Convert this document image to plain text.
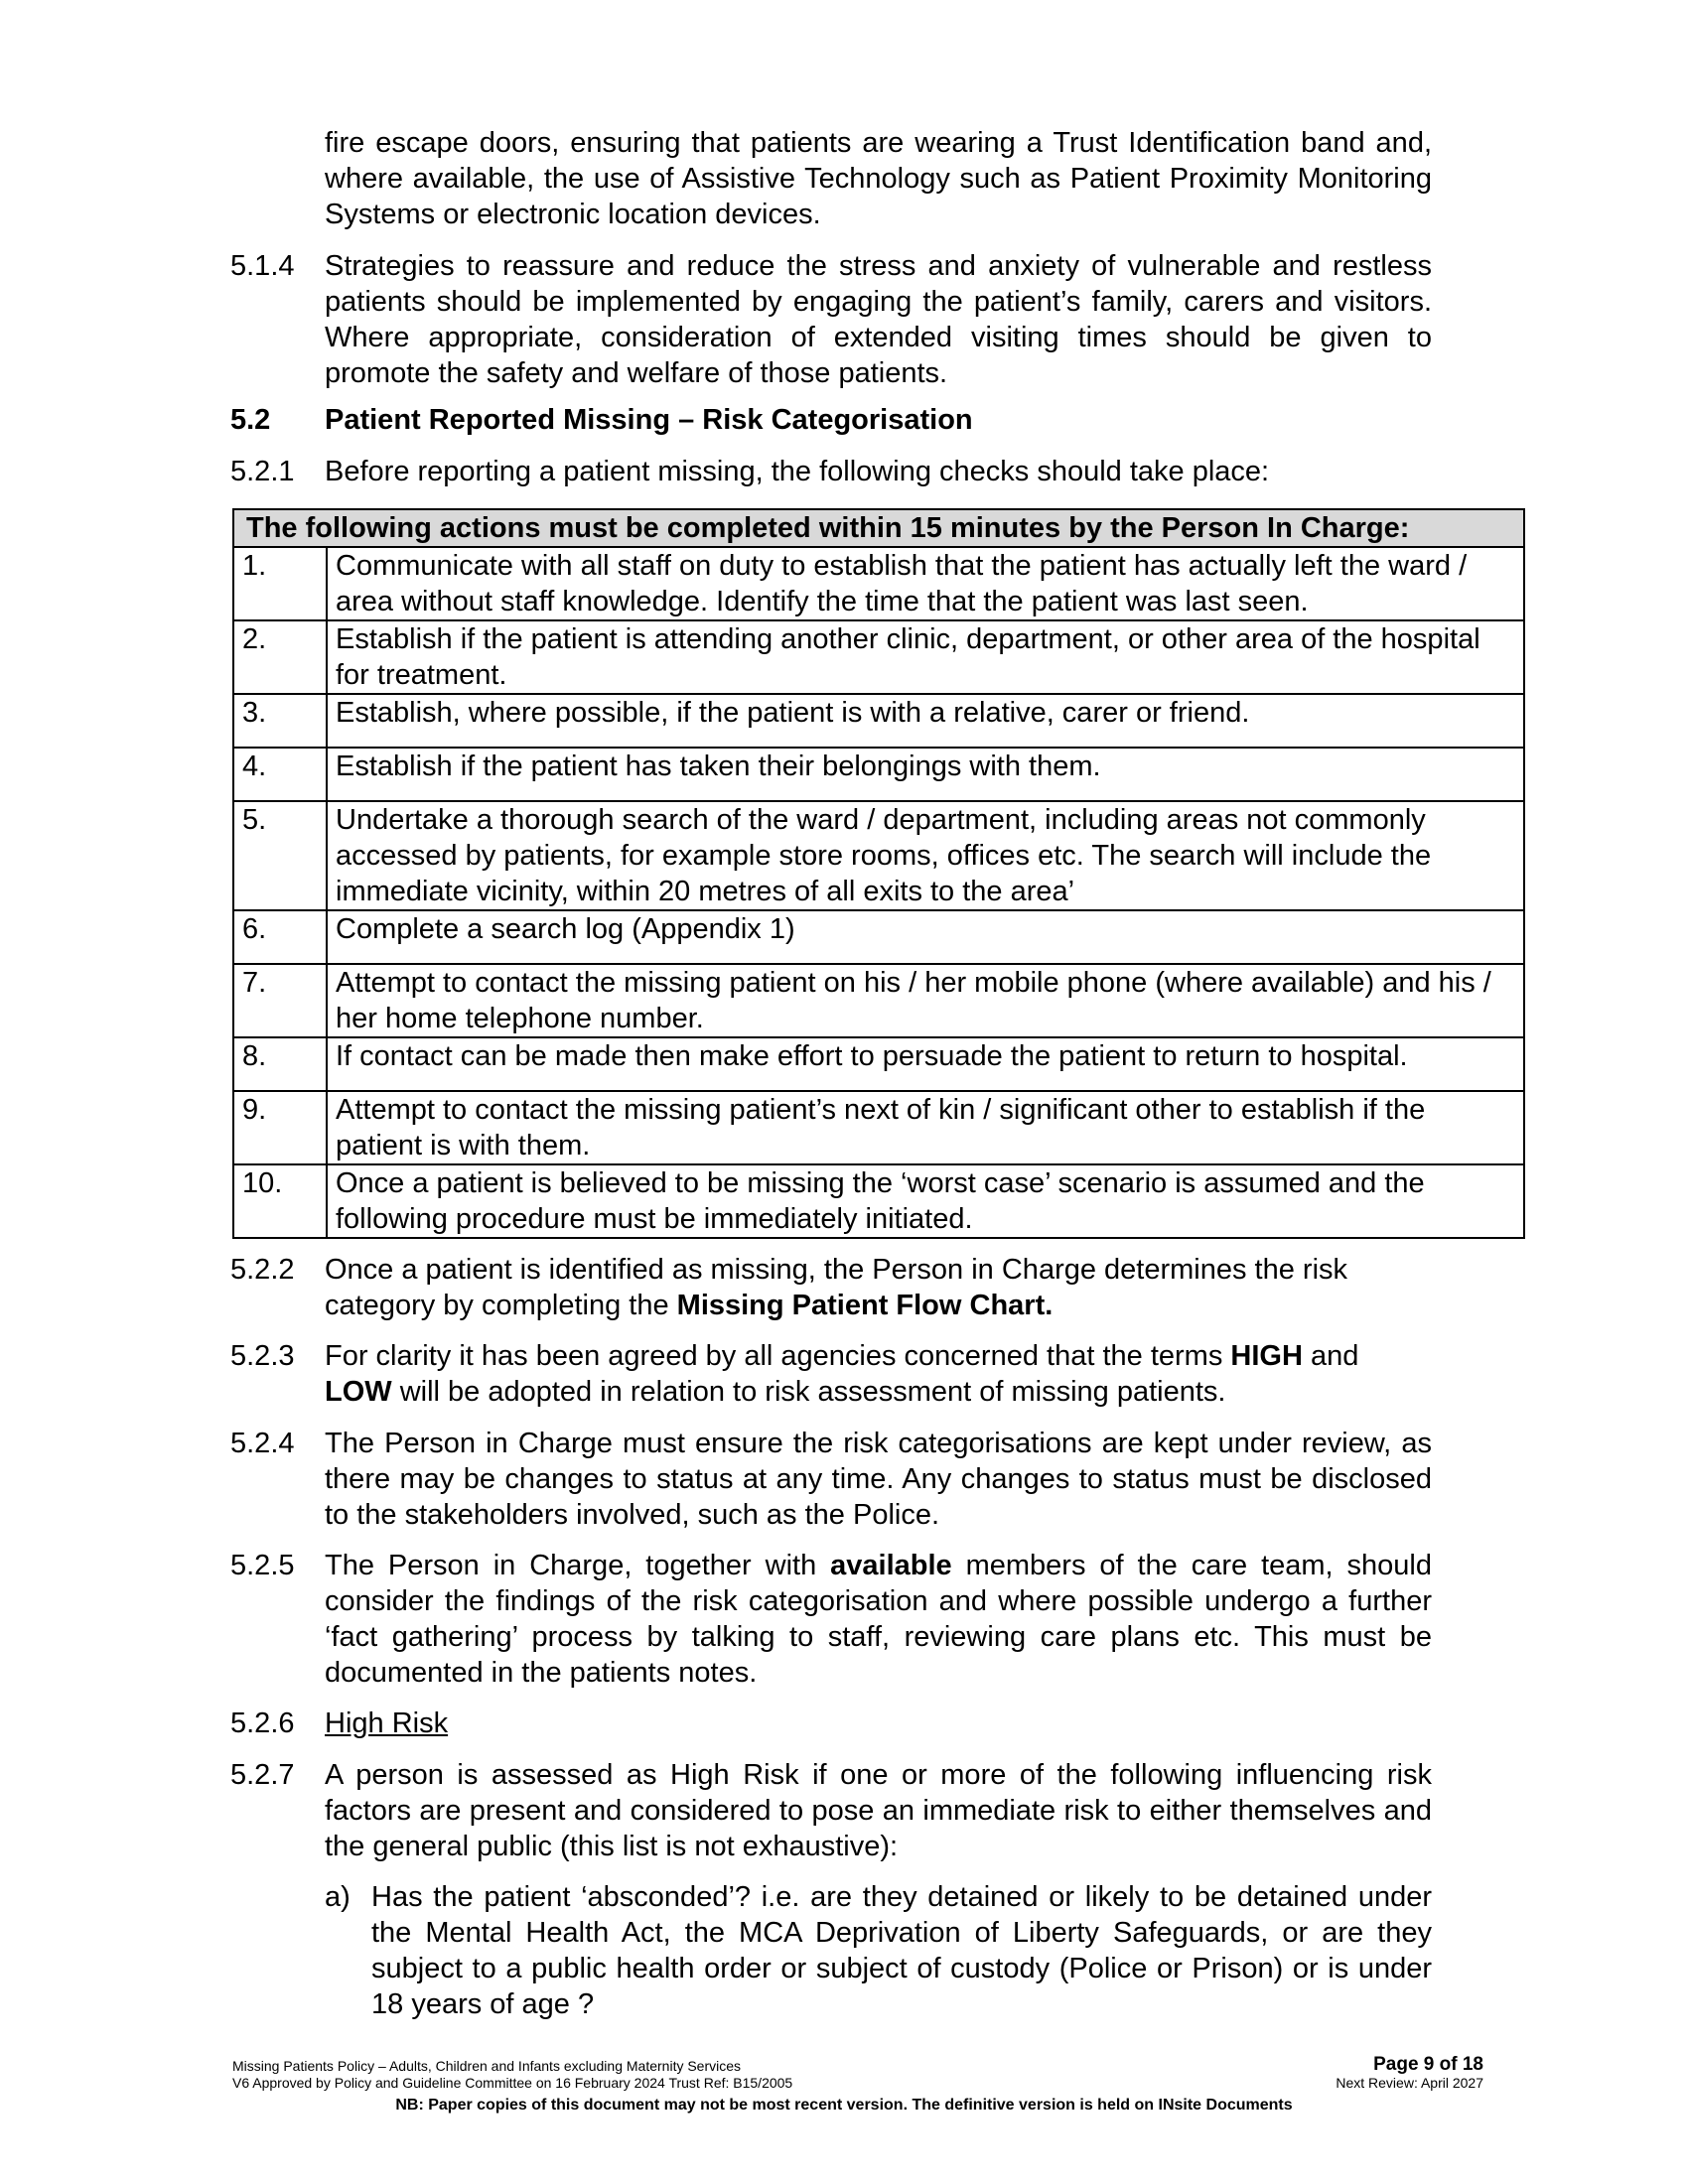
fire escape doors, ensuring that patients are wearing a Trust Identification band and, where available, the use of Assistive Technology such as Patient Proximity Monitoring Systems or electronic location devices.
5.1.4 Strategies to reassure and reduce the stress and anxiety of vulnerable and restless patients should be implemented by engaging the patient’s family, carers and visitors. Where appropriate, consideration of extended visiting times should be given to promote the safety and welfare of those patients.
5.2 Patient Reported Missing – Risk Categorisation
5.2.1 Before reporting a patient missing, the following checks should take place:
The following actions must be completed within 15 minutes by the Person In Charge:	
1.	Communicate with all staff on duty to establish that the patient has actually left the ward / area without staff knowledge. Identify the time that the patient was last seen.
2.	Establish if the patient is attending another clinic, department, or other area of the hospital for treatment.
3.	Establish, where possible, if the patient is with a relative, carer or friend.
4.	Establish if the patient has taken their belongings with them.
5.	Undertake a thorough search of the ward / department, including areas not commonly accessed by patients, for example store rooms, offices etc. The search will include the immediate vicinity, within 20 metres of all exits to the area’
6.	Complete a search log (Appendix 1)
7.	Attempt to contact the missing patient on his / her mobile phone (where available) and his / her home telephone number.
8.	If contact can be made then make effort to persuade the patient to return to hospital.
9.	Attempt to contact the missing patient’s next of kin / significant other to establish if the patient is with them.
10.	Once a patient is believed to be missing the ‘worst case’ scenario is assumed and the following procedure must be immediately initiated.
5.2.2 Once a patient is identified as missing, the Person in Charge determines the risk category by completing the Missing Patient Flow Chart.
5.2.3 For clarity it has been agreed by all agencies concerned that the terms HIGH and LOW will be adopted in relation to risk assessment of missing patients.
5.2.4 The Person in Charge must ensure the risk categorisations are kept under review, as there may be changes to status at any time. Any changes to status must be disclosed to the stakeholders involved, such as the Police.
5.2.5 The Person in Charge, together with available members of the care team, should consider the findings of the risk categorisation and where possible undergo a further ‘fact gathering’ process by talking to staff, reviewing care plans etc. This must be documented in the patients notes.
5.2.6 High Risk
5.2.7 A person is assessed as High Risk if one or more of the following influencing risk factors are present and considered to pose an immediate risk to either themselves and the general public (this list is not exhaustive):
a) Has the patient ‘absconded’? i.e. are they detained or likely to be detained under the Mental Health Act, the MCA Deprivation of Liberty Safeguards, or are they subject to a public health order or subject of custody (Police or Prison) or is under 18 years of age ?
Missing Patients Policy – Adults, Children and Infants excluding Maternity Services
V6 Approved by Policy and Guideline Committee on 16 February 2024 Trust Ref: B15/2005
Page 9 of 18
Next Review: April 2027
NB: Paper copies of this document may not be most recent version. The definitive version is held on INsite Documents
